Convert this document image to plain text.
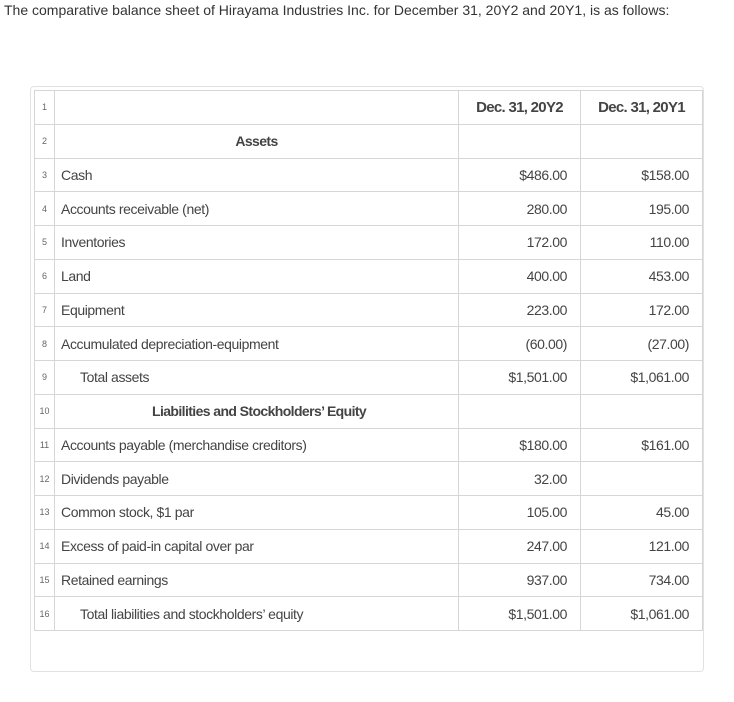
The comparative balance sheet of Hirayama Industries Inc. for December 31, 20Y2 and 20Y1, is as follows:
1		Dec. 31, 20Y2	Dec. 31, 20Y1
2	Assets		
3	Cash	$486.00	$158.00
4	Accounts receivable (net)	280.00	195.00
5	Inventories	172.00	110.00
6	Land	400.00	453.00
7	Equipment	223.00	172.00
8	Accumulated depreciation-equipment	(60.00)	(27.00)
9	Total assets	$1,501.00	$1,061.00
10	Liabilities and Stockholders’ Equity		
11	Accounts payable (merchandise creditors)	$180.00	$161.00
12	Dividends payable	32.00	
13	Common stock, $1 par	105.00	45.00
14	Excess of paid-in capital over par	247.00	121.00
15	Retained earnings	937.00	734.00
16	Total liabilities and stockholders’ equity	$1,501.00	$1,061.00
